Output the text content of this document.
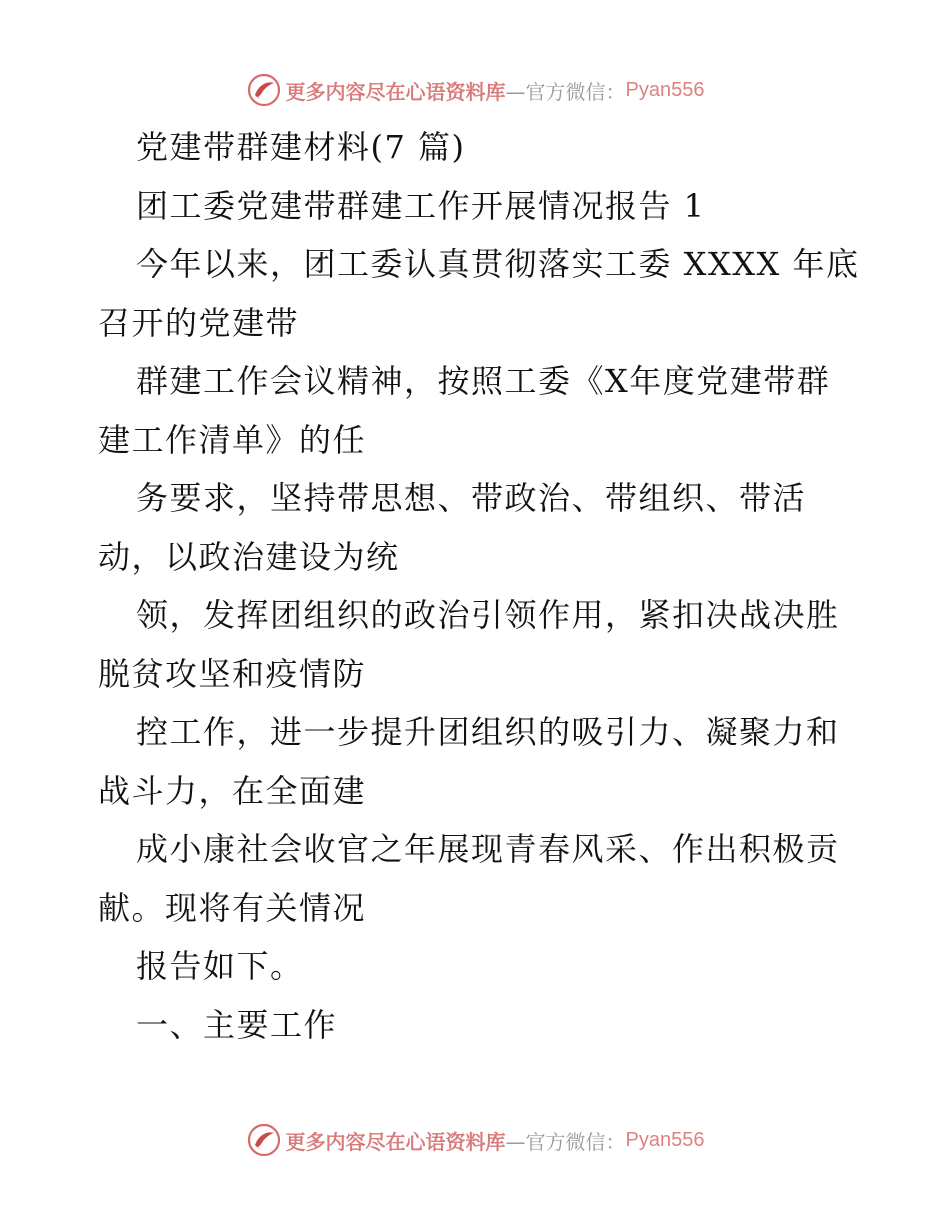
更多内容尽在心语资料库 —官方微信： Pyan556
党建带群建材料(7 篇)
团工委党建带群建工作开展情况报告 1
今年以来，团工委认真贯彻落实工委 XXXX 年底
召开的党建带
群建工作会议精神，按照工委《X年度党建带群
建工作清单》的任
务要求，坚持带思想、带政治、带组织、带活
动，以政治建设为统
领，发挥团组织的政治引领作用，紧扣决战决胜
脱贫攻坚和疫情防
控工作，进一步提升团组织的吸引力、凝聚力和
战斗力，在全面建
成小康社会收官之年展现青春风采、作出积极贡
献。现将有关情况
报告如下。
一、主要工作
更多内容尽在心语资料库 —官方微信： Pyan556
